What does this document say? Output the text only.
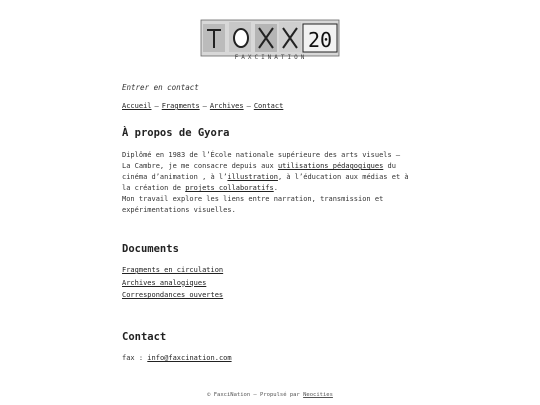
20
FAXCINATION
Entrer en contact
Accueil – Fragments – Archives – Contact
À propos de Gyora
Diplômé en 1983 de l’École nationale supérieure des arts visuels — La Cambre, je me consacre depuis aux utilisations pédagogiques du cinéma d’animation , à l’illustration, à l’éducation aux médias et à la création de projets collaboratifs.
Mon travail explore les liens entre narration, transmission et expérimentations visuelles.
Documents
Fragments en circulation
Archives analogiques
Correspondances ouvertes
Contact
fax : info@faxcination.com
© FaxciNation — Propulsé par Neocities
